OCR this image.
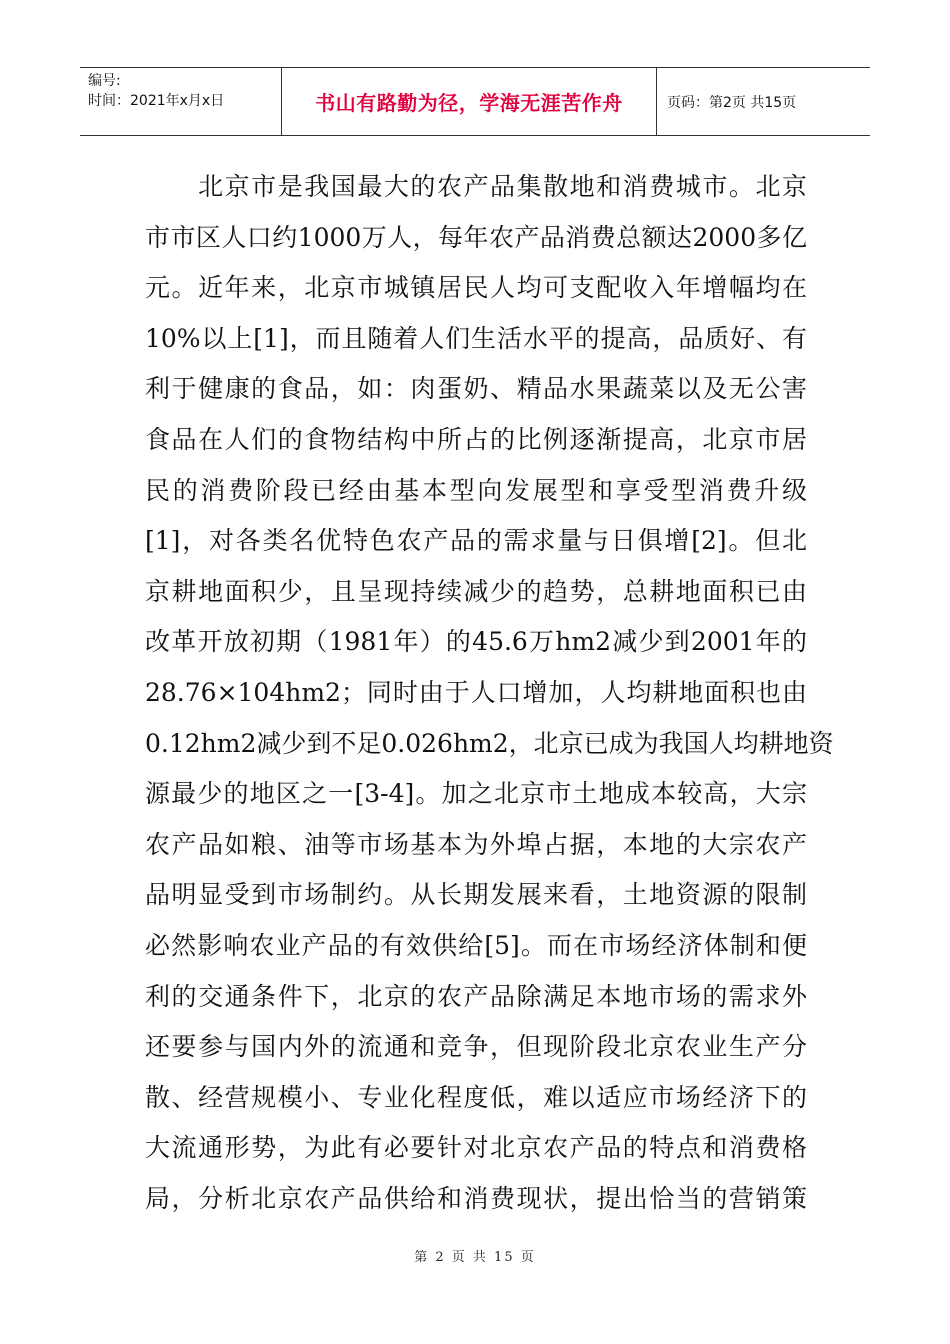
编号:
时间：2021年x月x日	书山有路勤为径，学海无涯苦作舟	页码：第2页 共15页
　　北京市是我国最大的农产品集散地和消费城市。北京
市市区人口约1000万人，每年农产品消费总额达2000多亿
元。近年来，北京市城镇居民人均可支配收入年增幅均在
10%以上[1]，而且随着人们生活水平的提高，品质好、有
利于健康的食品，如：肉蛋奶、精品水果蔬菜以及无公害
食品在人们的食物结构中所占的比例逐渐提高，北京市居
民的消费阶段已经由基本型向发展型和享受型消费升级
[1]，对各类名优特色农产品的需求量与日俱增[2]。但北
京耕地面积少，且呈现持续减少的趋势，总耕地面积已由
改革开放初期（1981年）的45.6万hm2减少到2001年的
28.76×104hm2；同时由于人口增加，人均耕地面积也由
0.12hm2减少到不足0.026hm2，北京已成为我国人均耕地资
源最少的地区之一[3-4]。加之北京市土地成本较高，大宗
农产品如粮、油等市场基本为外埠占据，本地的大宗农产
品明显受到市场制约。从长期发展来看，土地资源的限制
必然影响农业产品的有效供给[5]。而在市场经济体制和便
利的交通条件下，北京的农产品除满足本地市场的需求外
还要参与国内外的流通和竞争，但现阶段北京农业生产分
散、经营规模小、专业化程度低，难以适应市场经济下的
大流通形势，为此有必要针对北京农产品的特点和消费格
局，分析北京农产品供给和消费现状，提出恰当的营销策
第 2 页 共 15 页
